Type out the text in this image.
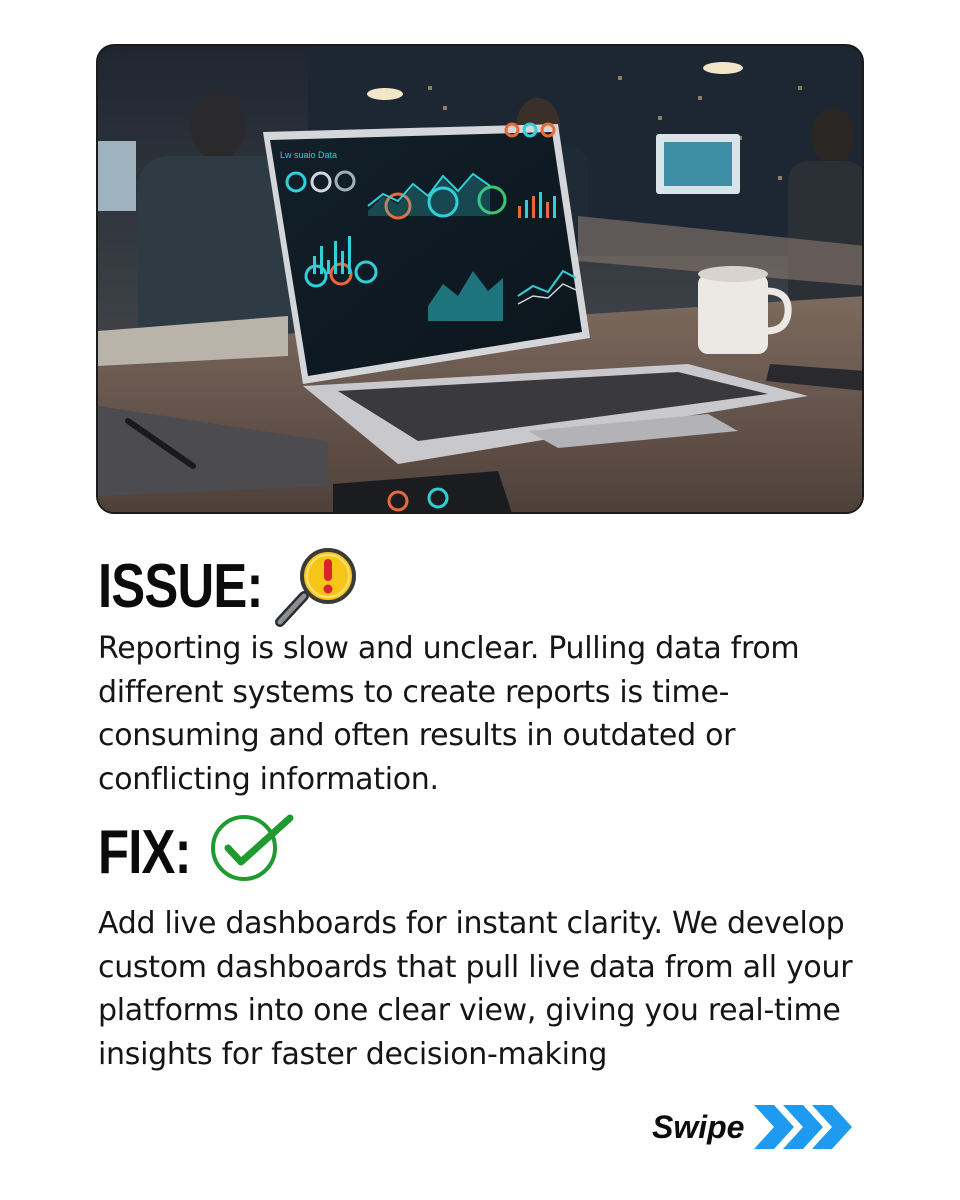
Lw suaio Data
ISSUE:
Reporting is slow and unclear. Pulling data from different systems to create reports is time-consuming and often results in outdated or conflicting information.
FIX:
Add live dashboards for instant clarity. We develop custom dashboards that pull live data from all your platforms into one clear view, giving you real-time insights for faster decision-making
Swipe
